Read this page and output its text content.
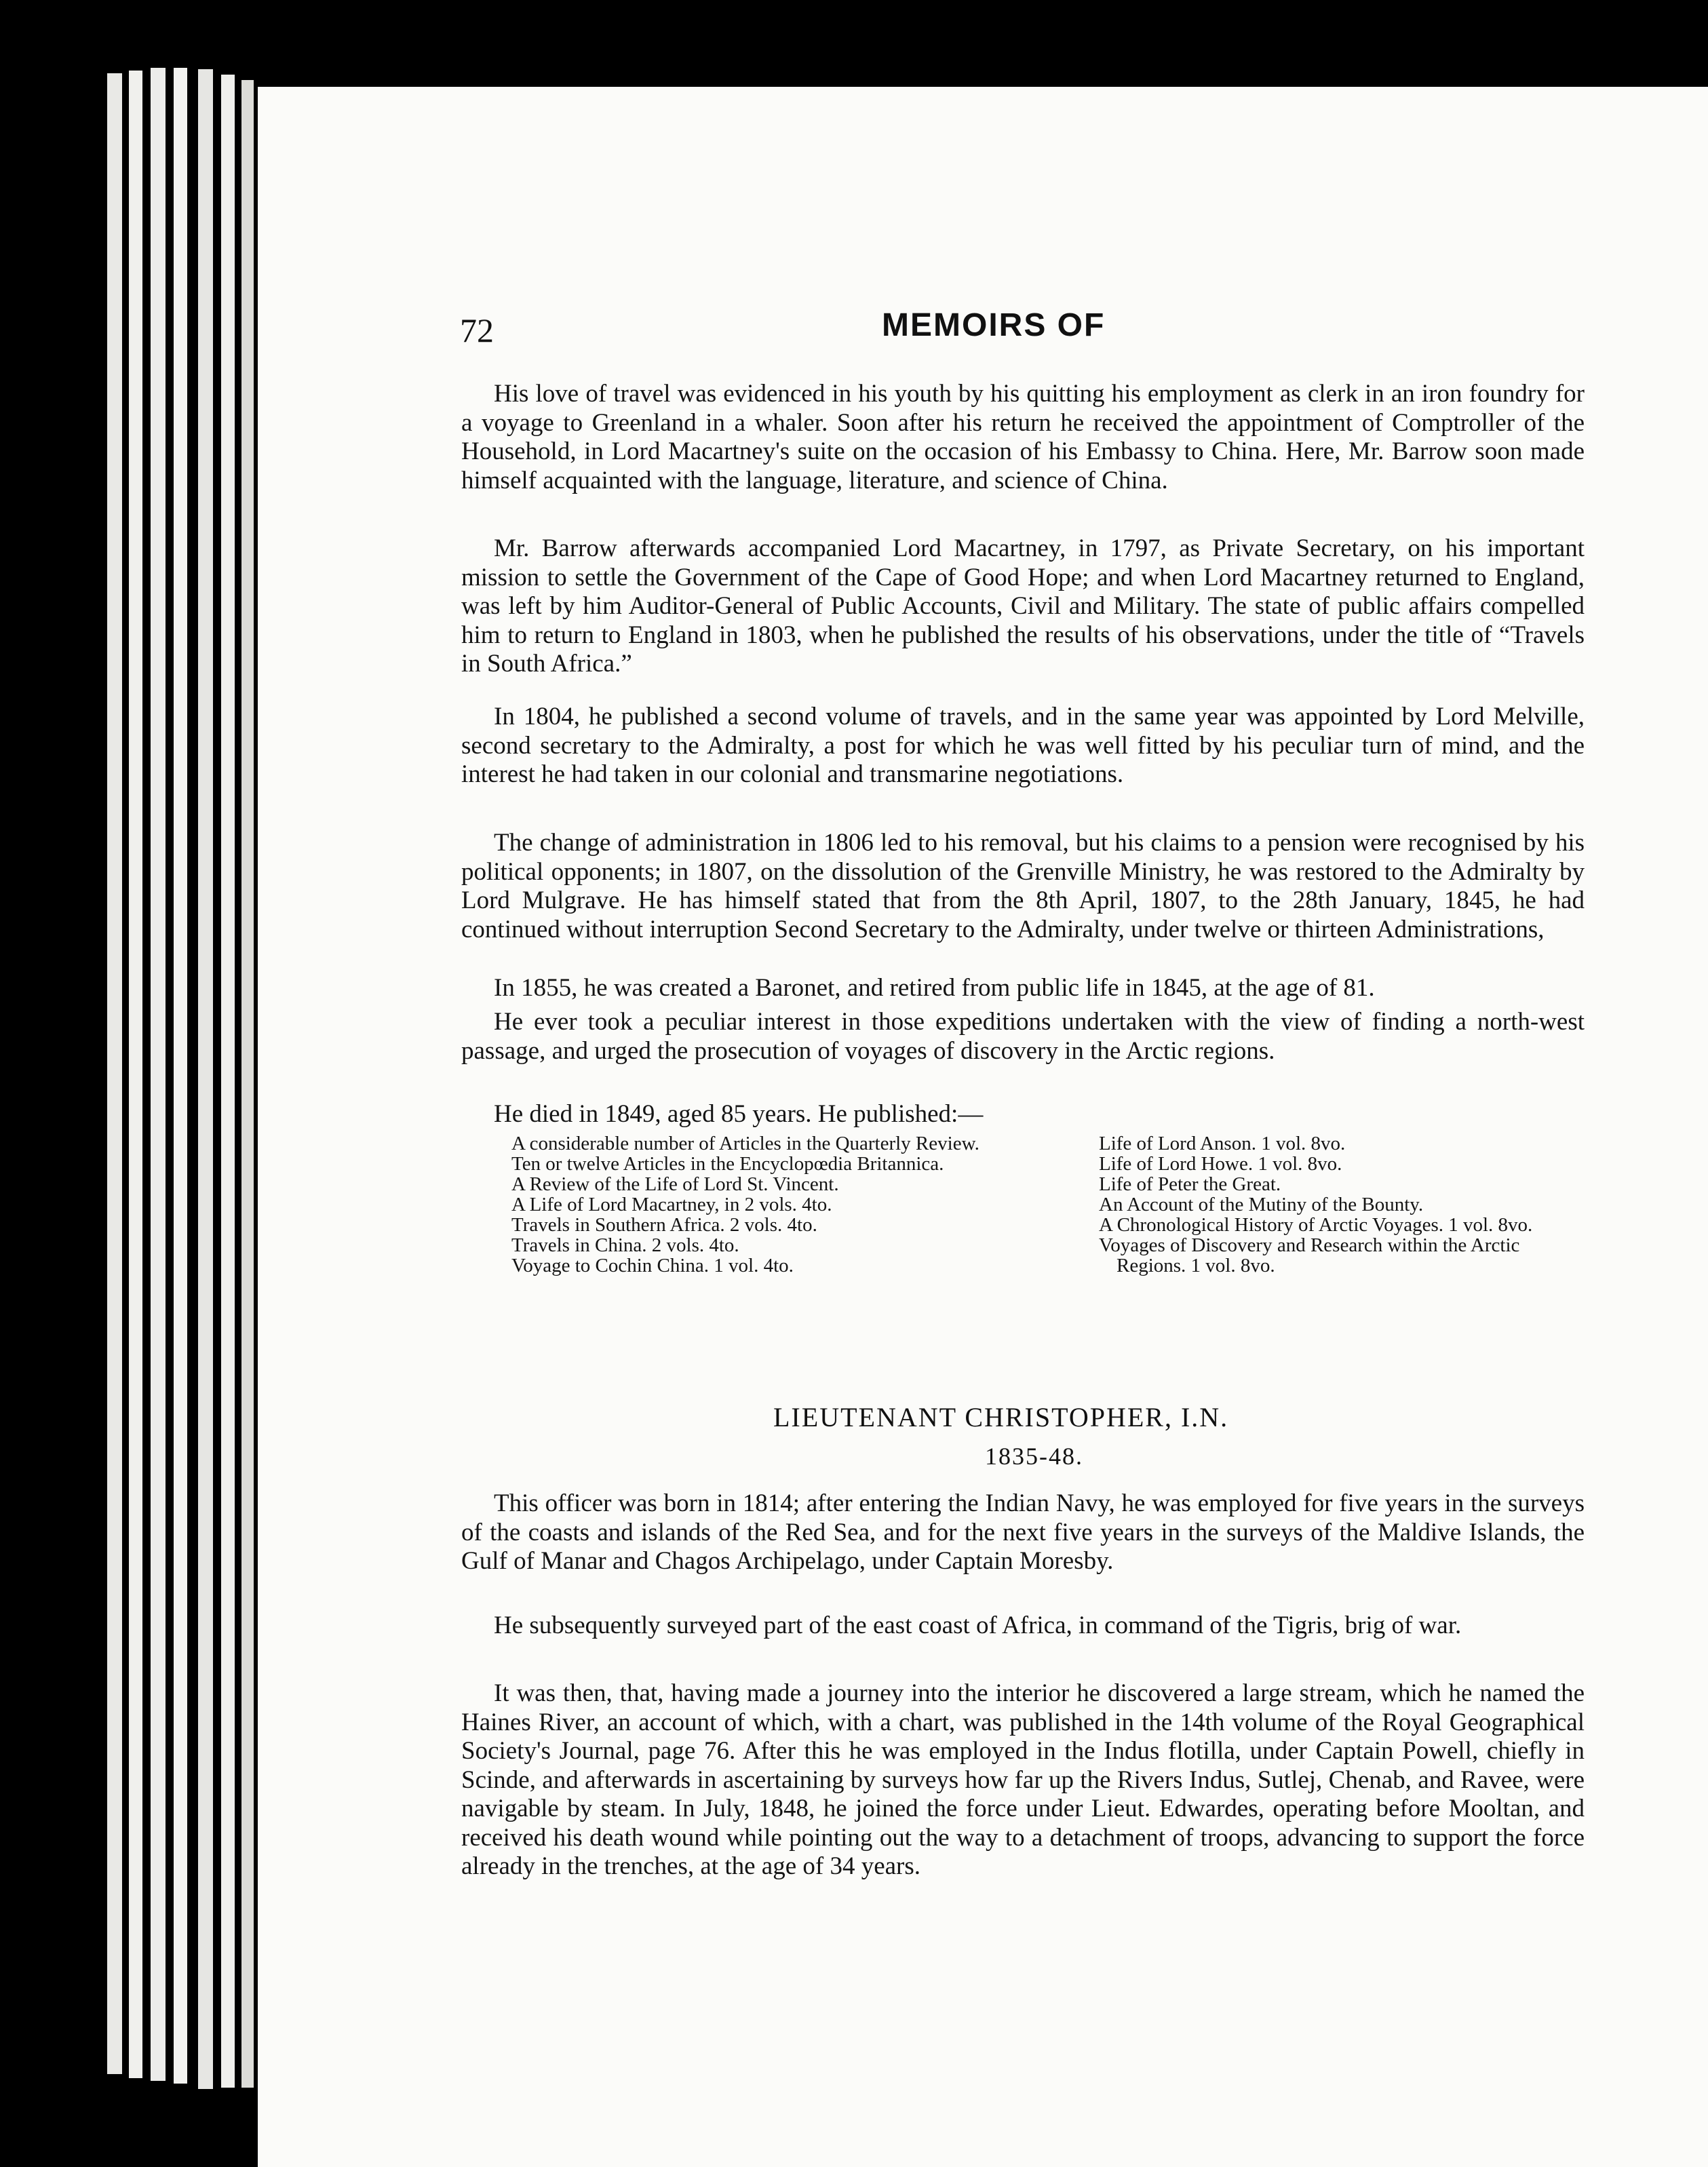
72	MEMOIRS OF

His love of travel was evidenced in his youth by his quitting his employment as clerk in an iron foundry for a voyage to Greenland in a whaler. Soon after his return he received the appointment of Comptroller of the Household, in Lord Macartney's suite on the occasion of his Embassy to China. Here, Mr. Barrow soon made himself acquainted with the language, literature, and science of China.

Mr. Barrow afterwards accompanied Lord Macartney, in 1797, as Private Secretary, on his important mission to settle the Government of the Cape of Good Hope; and when Lord Macartney returned to England, was left by him Auditor-General of Public Accounts, Civil and Military. The state of public affairs compelled him to return to England in 1803, when he published the results of his observations, under the title of “Travels in South Africa.”

In 1804, he published a second volume of travels, and in the same year was appointed by Lord Melville, second secretary to the Admiralty, a post for which he was well fitted by his peculiar turn of mind, and the interest he had taken in our colonial and transmarine negotiations.

The change of administration in 1806 led to his removal, but his claims to a pension were recognised by his political opponents; in 1807, on the dissolution of the Grenville Ministry, he was restored to the Admiralty by Lord Mulgrave. He has himself stated that from the 8th April, 1807, to the 28th January, 1845, he had continued without interruption Second Secretary to the Admiralty, under twelve or thirteen Administrations,

In 1855, he was created a Baronet, and retired from public life in 1845, at the age of 81.

He ever took a peculiar interest in those expeditions undertaken with the view of finding a north-west passage, and urged the prosecution of voyages of discovery in the Arctic regions.

He died in 1849, aged 85 years. He published:—

A considerable number of Articles in the Quarterly Review.
Ten or twelve Articles in the Encyclopœdia Britannica.
A Review of the Life of Lord St. Vincent.
A Life of Lord Macartney, in 2 vols. 4to.
Travels in Southern Africa. 2 vols. 4to.
Travels in China. 2 vols. 4to.
Voyage to Cochin China. 1 vol. 4to.
Life of Lord Anson. 1 vol. 8vo.
Life of Lord Howe. 1 vol. 8vo.
Life of Peter the Great.
An Account of the Mutiny of the Bounty.
A Chronological History of Arctic Voyages. 1 vol. 8vo.
Voyages of Discovery and Research within the Arctic Regions. 1 vol. 8vo.
LIEUTENANT CHRISTOPHER, I.N.
1835-48.

This officer was born in 1814; after entering the Indian Navy, he was employed for five years in the surveys of the coasts and islands of the Red Sea, and for the next five years in the surveys of the Maldive Islands, the Gulf of Manar and Chagos Archipelago, under Captain Moresby.

He subsequently surveyed part of the east coast of Africa, in command of the Tigris, brig of war.

It was then, that, having made a journey into the interior he discovered a large stream, which he named the Haines River, an account of which, with a chart, was published in the 14th volume of the Royal Geographical Society's Journal, page 76. After this he was employed in the Indus flotilla, under Captain Powell, chiefly in Scinde, and afterwards in ascertaining by surveys how far up the Rivers Indus, Sutlej, Chenab, and Ravee, were navigable by steam. In July, 1848, he joined the force under Lieut. Edwardes, operating before Mooltan, and received his death wound while pointing out the way to a detachment of troops, advancing to support the force already in the trenches, at the age of 34 years.
